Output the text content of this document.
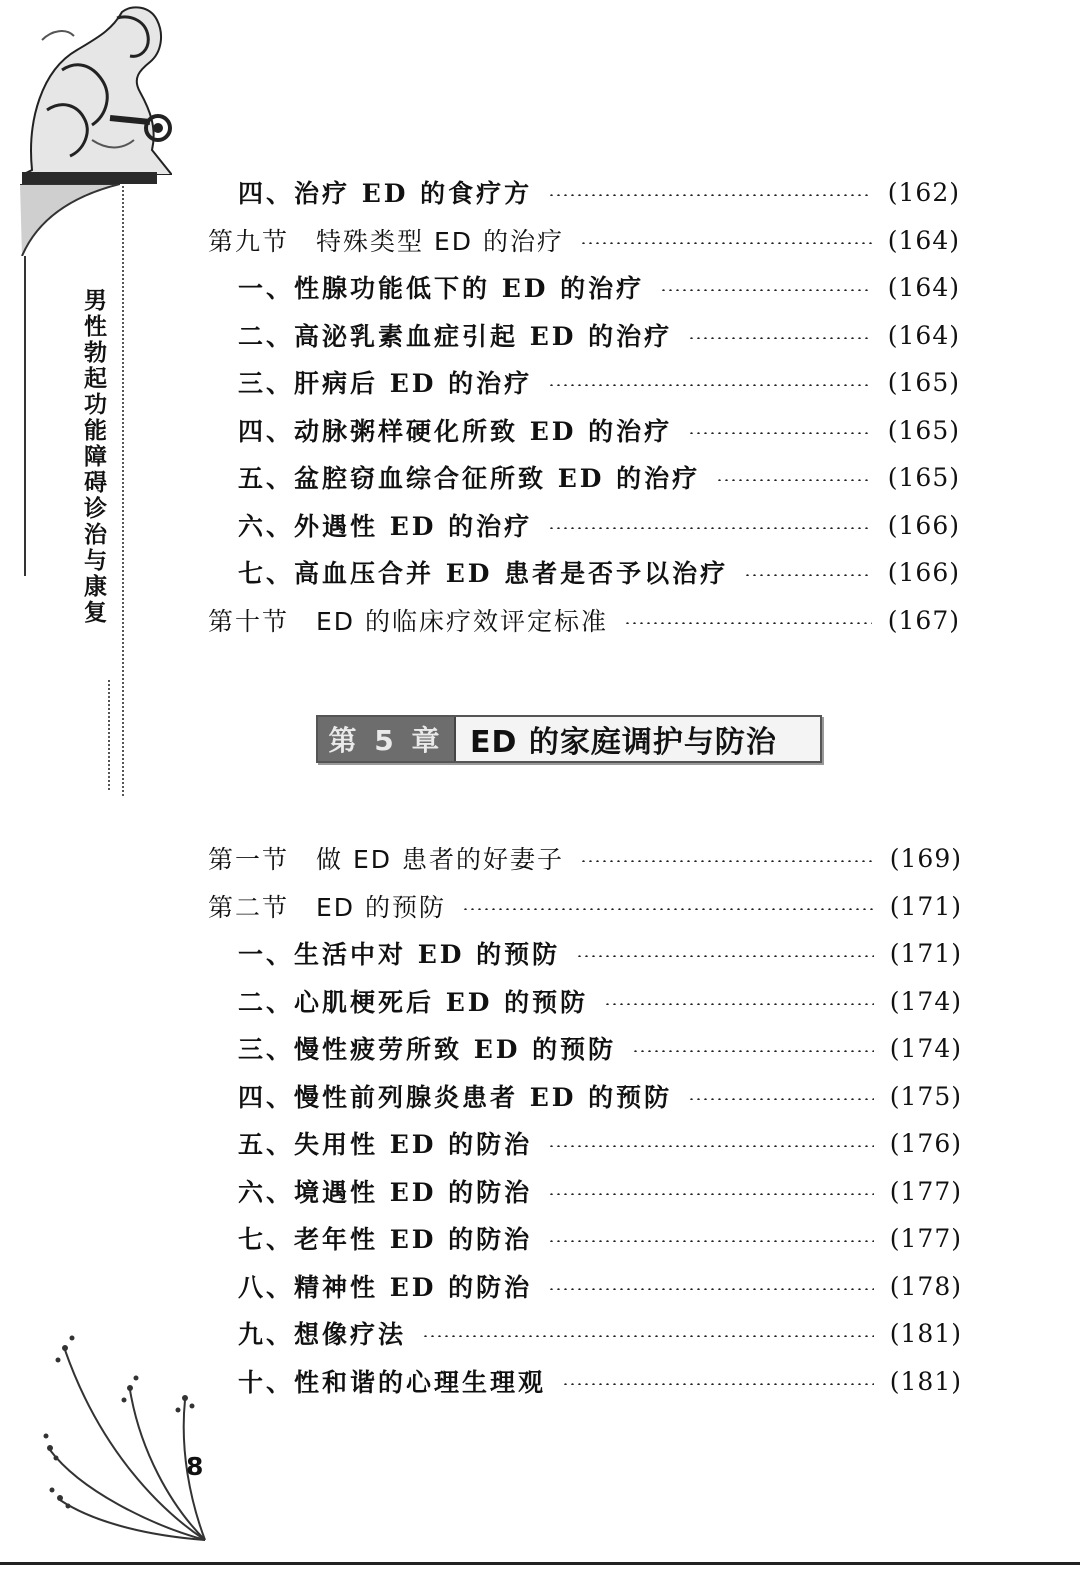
男性勃起功能障碍诊治与康复
四、治疗 ED 的食疗方	(162)
第九节　特殊类型 ED 的治疗	(164)
一、性腺功能低下的 ED 的治疗	(164)
二、高泌乳素血症引起 ED 的治疗	(164)
三、肝病后 ED 的治疗	(165)
四、动脉粥样硬化所致 ED 的治疗	(165)
五、盆腔窃血综合征所致 ED 的治疗	(165)
六、外遇性 ED 的治疗	(166)
七、高血压合并 ED 患者是否予以治疗	(166)
第十节　ED 的临床疗效评定标准	(167)
第一节　做 ED 患者的好妻子	(169)
第二节　ED 的预防	(171)
一、生活中对 ED 的预防	(171)
二、心肌梗死后 ED 的预防	(174)
三、慢性疲劳所致 ED 的预防	(174)
四、慢性前列腺炎患者 ED 的预防	(175)
五、失用性 ED 的防治	(176)
六、境遇性 ED 的防治	(177)
七、老年性 ED 的防治	(177)
八、精神性 ED 的防治	(178)
九、想像疗法	(181)
十、性和谐的心理生理观	(181)
第 5 章 ED 的家庭调护与防治
8
